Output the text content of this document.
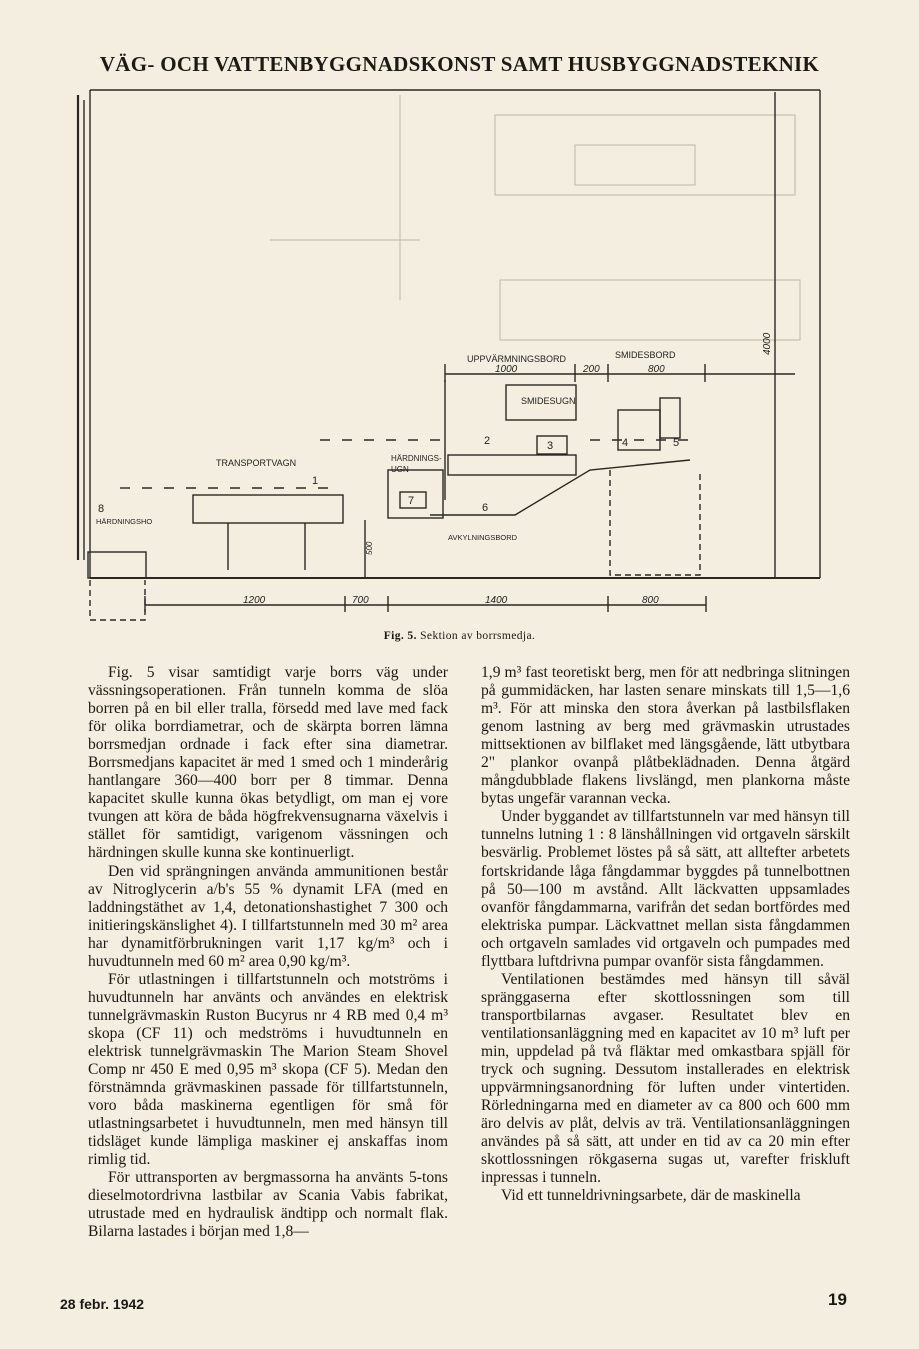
VÄG- OCH VATTENBYGGNADSKONST SAMT HUSBYGGNADSTEKNIK
UPPVÄRMNINGSBORD	SMIDESBORD
SMIDESUGN
TRANSPORTVAGN	HÄRDNINGS-
UGN
HÄRDNINGSHO
AVKYLNINGSBORD
1000	200	800
4000
1200	700	1400	800
500
1
2	3	4	5
6
7
8
Fig. 5. Sektion av borrsmedja.

Fig. 5 visar samtidigt varje borrs väg under vässningsoperationen. Från tunneln komma de slöa borren på en bil eller tralla, försedd med lave med fack för olika borrdiametrar, och de skärpta borren lämna borrsmedjan ordnade i fack efter sina diametrar. Borrsmedjans kapacitet är med 1 smed och 1 minderårig hantlangare 360—400 borr per 8 timmar. Denna kapacitet skulle kunna ökas betydligt, om man ej vore tvungen att köra de båda högfrekvensugnarna växelvis i stället för samtidigt, varigenom vässningen och härdningen skulle kunna ske kontinuerligt.

Den vid sprängningen använda ammunitionen består av Nitroglycerin a/b's 55 % dynamit LFA (med en laddningstäthet av 1,4, detonationshastighet 7 300 och initieringskänslighet 4). I tillfartstunneln med 30 m² area har dynamitförbrukningen varit 1,17 kg/m³ och i huvudtunneln med 60 m² area 0,90 kg/m³.

För utlastningen i tillfartstunneln och motströms i huvudtunneln har använts och användes en elektrisk tunnelgrävmaskin Ruston Bucyrus nr 4 RB med 0,4 m³ skopa (CF 11) och medströms i huvudtunneln en elektrisk tunnelgrävmaskin The Marion Steam Shovel Comp nr 450 E med 0,95 m³ skopa (CF 5). Medan den förstnämnda grävmaskinen passade för tillfartstunneln, voro båda maskinerna egentligen för små för utlastningsarbetet i huvudtunneln, men med hänsyn till tidsläget kunde lämpliga maskiner ej anskaffas inom rimlig tid.

För uttransporten av bergmassorna ha använts 5-tons dieselmotordrivna lastbilar av Scania Vabis fabrikat, utrustade med en hydraulisk ändtipp och normalt flak. Bilarna lastades i början med 1,8—

1,9 m³ fast teoretiskt berg, men för att nedbringa slitningen på gummidäcken, har lasten senare minskats till 1,5—1,6 m³. För att minska den stora åverkan på lastbilsflaken genom lastning av berg med grävmaskin utrustades mittsektionen av bilflaket med längsgående, lätt utbytbara 2" plankor ovanpå plåtbeklädnaden. Denna åtgärd mångdubblade flakens livslängd, men plankorna måste bytas ungefär varannan vecka.

Under byggandet av tillfartstunneln var med hänsyn till tunnelns lutning 1 : 8 länshållningen vid ortgaveln särskilt besvärlig. Problemet löstes på så sätt, att alltefter arbetets fortskridande låga fångdammar byggdes på tunnelbottnen på 50—100 m avstånd. Allt läckvatten uppsamlades ovanför fångdammarna, varifrån det sedan bortfördes med elektriska pumpar. Läckvattnet mellan sista fångdammen och ortgaveln samlades vid ortgaveln och pumpades med flyttbara luftdrivna pumpar ovanför sista fångdammen.

Ventilationen bestämdes med hänsyn till såväl spränggaserna efter skottlossningen som till transportbilarnas avgaser. Resultatet blev en ventilationsanläggning med en kapacitet av 10 m³ luft per min, uppdelad på två fläktar med omkastbara spjäll för tryck och sugning. Dessutom installerades en elektrisk uppvärmningsanordning för luften under vintertiden. Rörledningarna med en diameter av ca 800 och 600 mm äro delvis av plåt, delvis av trä. Ventilationsanläggningen användes på så sätt, att under en tid av ca 20 min efter skottlossningen rökgaserna sugas ut, varefter friskluft inpressas i tunneln.

Vid ett tunneldrivningsarbete, där de maskinella

28 febr. 1942	19
